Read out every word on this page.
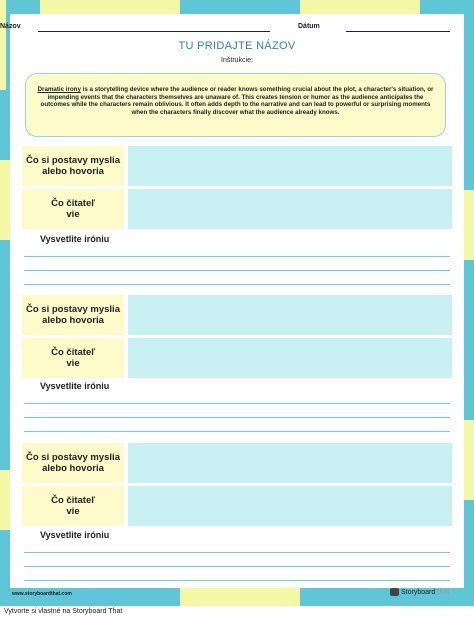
Názov	Dátum
TU PRIDAJTE NÁZOV
Inštrukcie:
Dramatic irony is a storytelling device where the audience or reader knows something crucial about the plot, a character's situation, or impending events that the characters themselves are unaware of. This creates tension or humor as the audience anticipates the outcomes while the characters remain oblivious. It often adds depth to the narrative and can lead to powerful or surprising moments when the characters finally discover what the audience already knows.
Čo si postavy myslia alebo hovoria
Čo čitateľ vie
Vysvetlite iróniu
Čo si postavy myslia alebo hovoria
Čo čitateľ vie
Vysvetlite iróniu
Čo si postavy myslia alebo hovoria
Čo čitateľ vie
Vysvetlite iróniu
www.storyboardthat.com	Storyboard That
Vytvorte si vlastné na Storyboard That
